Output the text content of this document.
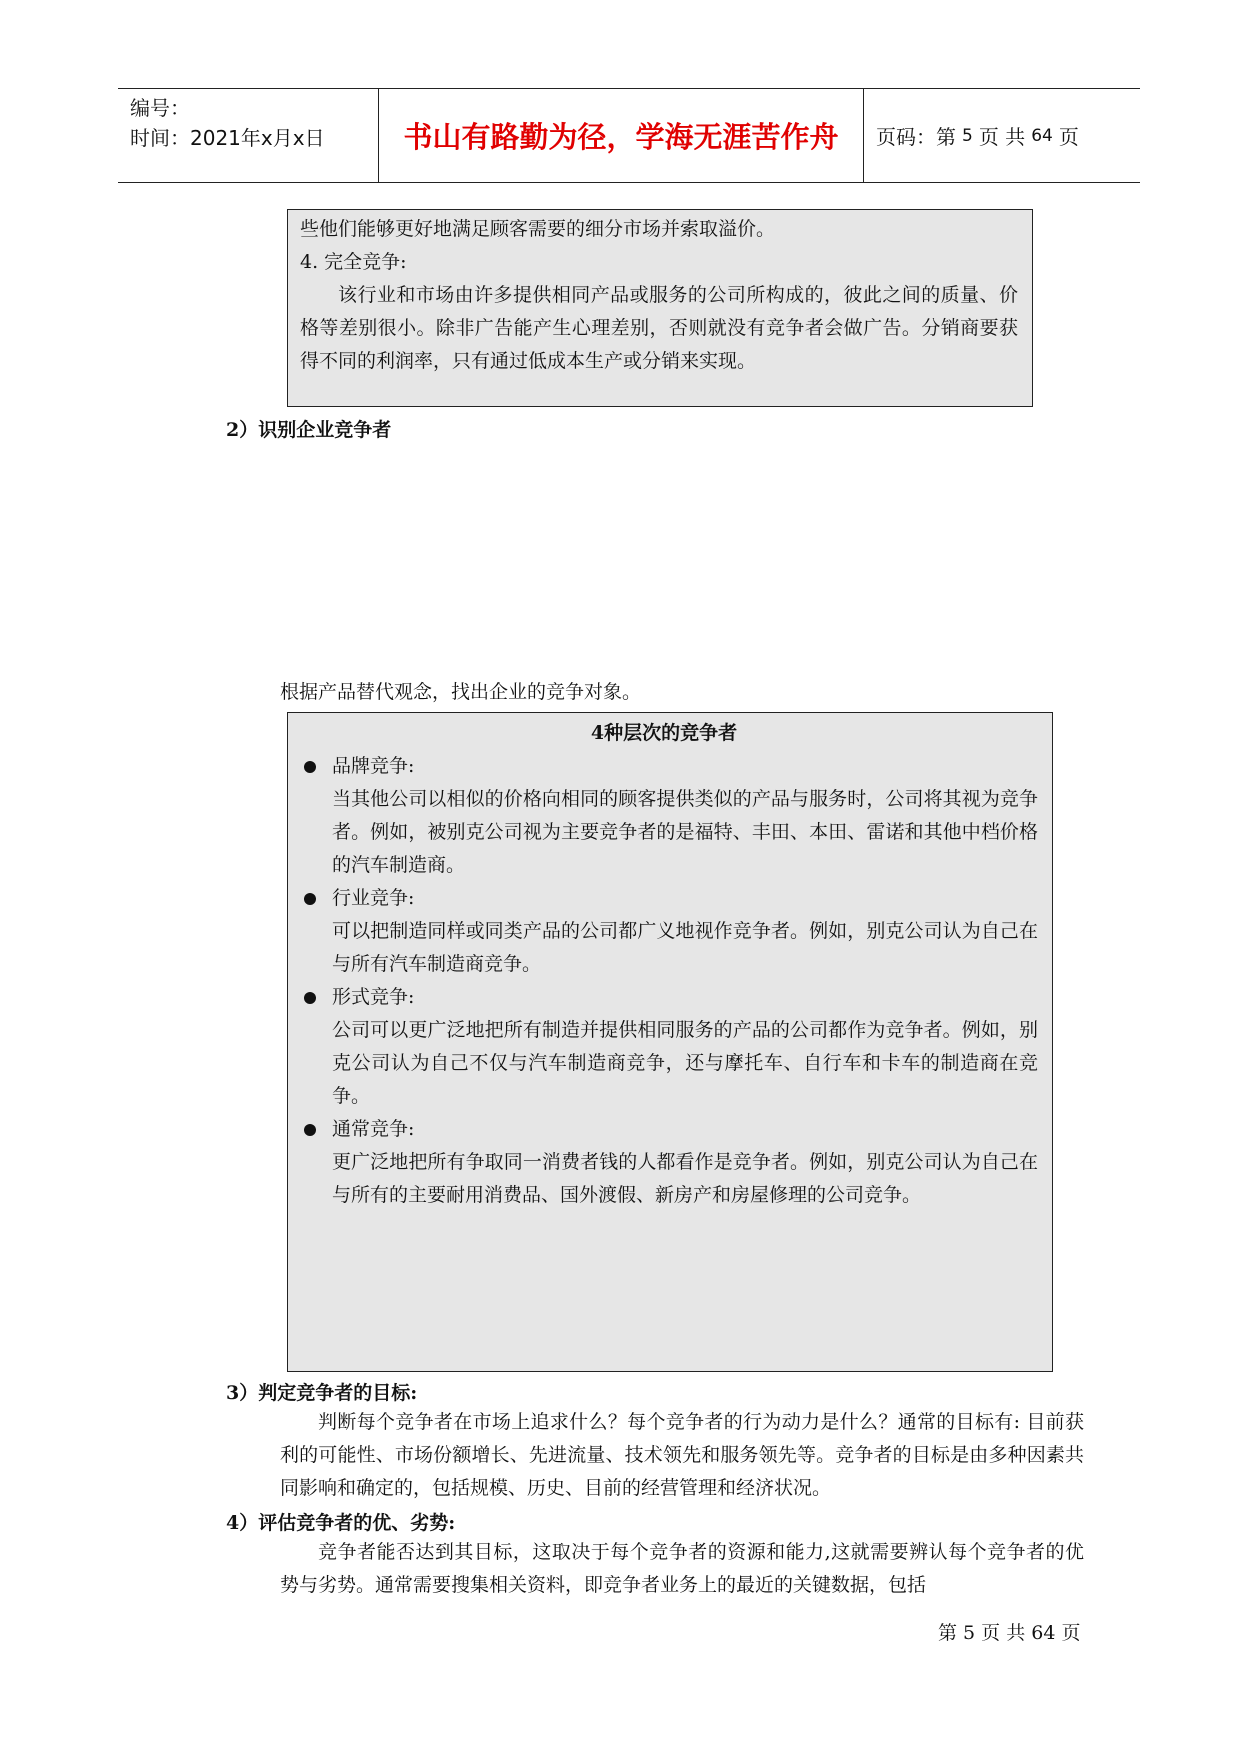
编号：
时间：2021年x月x日	书山有路勤为径，学海无涯苦作舟	页码：第 5 页 共 64 页

些他们能够更好地满足顾客需要的细分市场并索取溢价。

4. 完全竞争:

该行业和市场由许多提供相同产品或服务的公司所构成的，彼此之间的质量、价格等差别很小。除非广告能产生心理差别，否则就没有竞争者会做广告。分销商要获得不同的利润率，只有通过低成本生产或分销来实现。

2）识别企业竞争者
根据产品替代观念，找出企业的竞争对象。

4种层次的竞争者

品牌竞争:

当其他公司以相似的价格向相同的顾客提供类似的产品与服务时，公司将其视为竞争者。例如，被别克公司视为主要竞争者的是福特、丰田、本田、雷诺和其他中档价格的汽车制造商。

行业竞争:

可以把制造同样或同类产品的公司都广义地视作竞争者。例如，别克公司认为自己在与所有汽车制造商竞争。

形式竞争:

公司可以更广泛地把所有制造并提供相同服务的产品的公司都作为竞争者。例如，别克公司认为自己不仅与汽车制造商竞争，还与摩托车、自行车和卡车的制造商在竞争。

通常竞争:

更广泛地把所有争取同一消费者钱的人都看作是竞争者。例如，别克公司认为自己在与所有的主要耐用消费品、国外渡假、新房产和房屋修理的公司竞争。

3）判定竞争者的目标:
判断每个竞争者在市场上追求什么？每个竞争者的行为动力是什么？通常的目标有: 目前获利的可能性、市场份额增长、先进流量、技术领先和服务领先等。竞争者的目标是由多种因素共同影响和确定的，包括规模、历史、目前的经营管理和经济状况。
4）评估竞争者的优、劣势:
竞争者能否达到其目标，这取决于每个竞争者的资源和能力,这就需要辨认每个竞争者的优势与劣势。通常需要搜集相关资料，即竞争者业务上的最近的关键数据，包括
第 5 页 共 64 页
